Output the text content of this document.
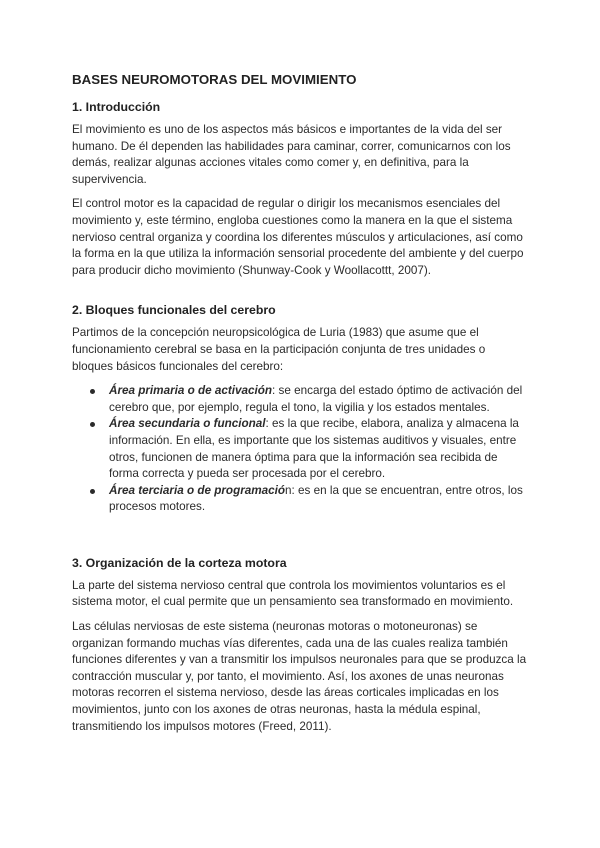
BASES NEUROMOTORAS DEL MOVIMIENTO
1. Introducción

El movimiento es uno de los aspectos más básicos e importantes de la vida del ser humano. De él dependen las habilidades para caminar, correr, comunicarnos con los demás, realizar algunas acciones vitales como comer y, en definitiva, para la supervivencia.

El control motor es la capacidad de regular o dirigir los mecanismos esenciales del movimiento y, este término, engloba cuestiones como la manera en la que el sistema nervioso central organiza y coordina los diferentes músculos y articulaciones, así como la forma en la que utiliza la información sensorial procedente del ambiente y del cuerpo para producir dicho movimiento (Shunway-Cook y Woollacottt, 2007).

2. Bloques funcionales del cerebro

Partimos de la concepción neuropsicológica de Luria (1983) que asume que el funcionamiento cerebral se basa en la participación conjunta de tres unidades o bloques básicos funcionales del cerebro:

Área primaria o de activación: se encarga del estado óptimo de activación del cerebro que, por ejemplo, regula el tono, la vigilia y los estados mentales.
Área secundaria o funcional: es la que recibe, elabora, analiza y almacena la información. En ella, es importante que los sistemas auditivos y visuales, entre otros, funcionen de manera óptima para que la información sea recibida de forma correcta y pueda ser procesada por el cerebro.
Área terciaria o de programación: es en la que se encuentran, entre otros, los procesos motores.
3. Organización de la corteza motora

La parte del sistema nervioso central que controla los movimientos voluntarios es el sistema motor, el cual permite que un pensamiento sea transformado en movimiento.

Las células nerviosas de este sistema (neuronas motoras o motoneuronas) se organizan formando muchas vías diferentes, cada una de las cuales realiza también funciones diferentes y van a transmitir los impulsos neuronales para que se produzca la contracción muscular y, por tanto, el movimiento. Así, los axones de unas neuronas motoras recorren el sistema nervioso, desde las áreas corticales implicadas en los movimientos, junto con los axones de otras neuronas, hasta la médula espinal, transmitiendo los impulsos motores (Freed, 2011).
